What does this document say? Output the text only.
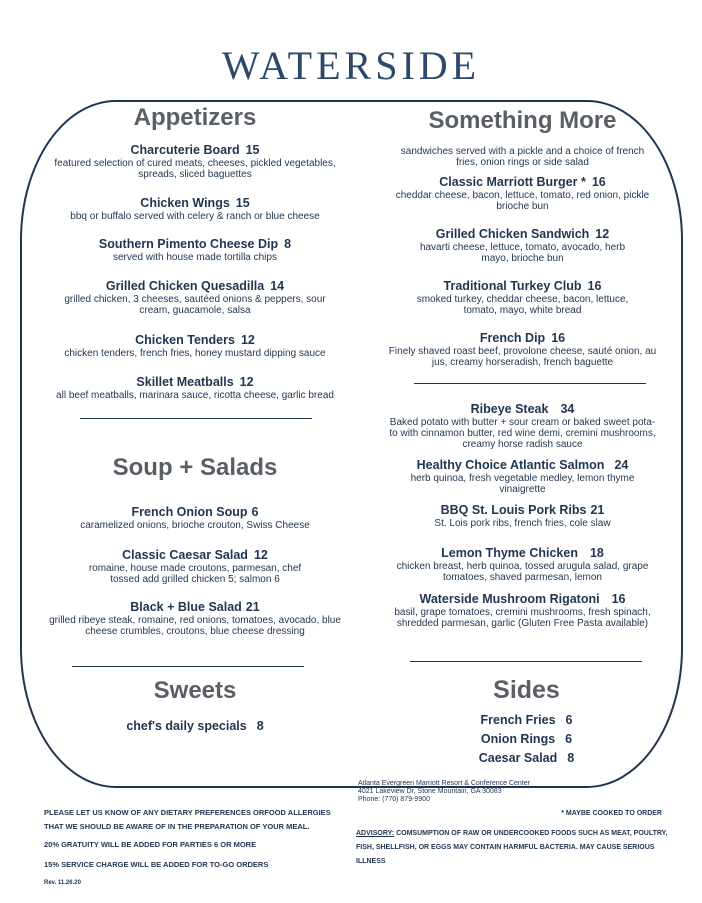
WATERSIDE
Appetizers
Charcuterie Board 15
featured selection of cured meats, cheeses, pickled vegetables, spreads, sliced baguettes
Chicken Wings 15
bbq or buffalo served with celery & ranch or blue cheese
Southern Pimento Cheese Dip 8
served with house made tortilla chips
Grilled Chicken Quesadilla 14
grilled chicken, 3 cheeses, sautéed onions & peppers, sour cream, guacamole, salsa
Chicken Tenders 12
chicken tenders, french fries, honey mustard dipping sauce
Skillet Meatballs 12
all beef meatballs, marinara sauce, ricotta cheese, garlic bread
Soup + Salads
French Onion Soup 6
caramelized onions, brioche crouton, Swiss Cheese
Classic Caesar Salad 12
romaine, house made croutons, parmesan, chef tossed add grilled chicken 5; salmon 6
Black + Blue Salad 21
grilled ribeye steak, romaine, red onions, tomatoes, avocado, blue cheese crumbles, croutons, blue cheese dressing
Sweets
chef's daily specials 8
Something More
sandwiches served with a pickle and a choice of french fries, onion rings or side salad
Classic Marriott Burger * 16
cheddar cheese, bacon, lettuce, tomato, red onion, pickle brioche bun
Grilled Chicken Sandwich 12
havarti cheese, lettuce, tomato, avocado, herb mayo, brioche bun
Traditional Turkey Club 16
smoked turkey, cheddar cheese, bacon, lettuce, tomato, mayo, white bread
French Dip 16
Finely shaved roast beef, provolone cheese, sauté onion, au jus, creamy horseradish, french baguette
Ribeye Steak 34
Baked potato with butter + sour cream or baked sweet pota- to with cinnamon butter, red wine demi, cremini mushrooms, creamy horse radish sauce
Healthy Choice Atlantic Salmon 24
herb quinoa, fresh vegetable medley, lemon thyme vinaigrette
BBQ St. Louis Pork Ribs 21
St. Lois pork ribs, french fries, cole slaw
Lemon Thyme Chicken 18
chicken breast, herb quinoa, tossed arugula salad, grape tomatoes, shaved parmesan, lemon
Waterside Mushroom Rigatoni 16
basil, grape tomatoes, cremini mushrooms, fresh spinach, shredded parmesan, garlic (Gluten Free Pasta available)
Sides
French Fries 6
Onion Rings 6
Caesar Salad 8
Atlanta Evergreen Marriott Resort & Conference Center
4021 Lakeview Dr, Stone Mountain, GA 30083
Phone: (770) 879-9900
PLEASE LET US KNOW OF ANY DIETARY PREFERENCES ORFOOD ALLERGIES
THAT WE SHOULD BE AWARE OF IN THE PREPARATION OF YOUR MEAL.
20% GRATUITY WILL BE ADDED FOR PARTIES 6 OR MORE
15% SERVICE CHARGE WILL BE ADDED FOR TO-GO ORDERS
Rev. 11.26.20
* MAYBE COOKED TO ORDER
ADVISORY: COMSUMPTION OF RAW OR UNDERCOOKED FOODS SUCH AS MEAT, POULTRY, FISH, SHELLFISH, OR EGGS MAY CONTAIN HARMFUL BACTERIA. MAY CAUSE SERIOUS ILLNESS
